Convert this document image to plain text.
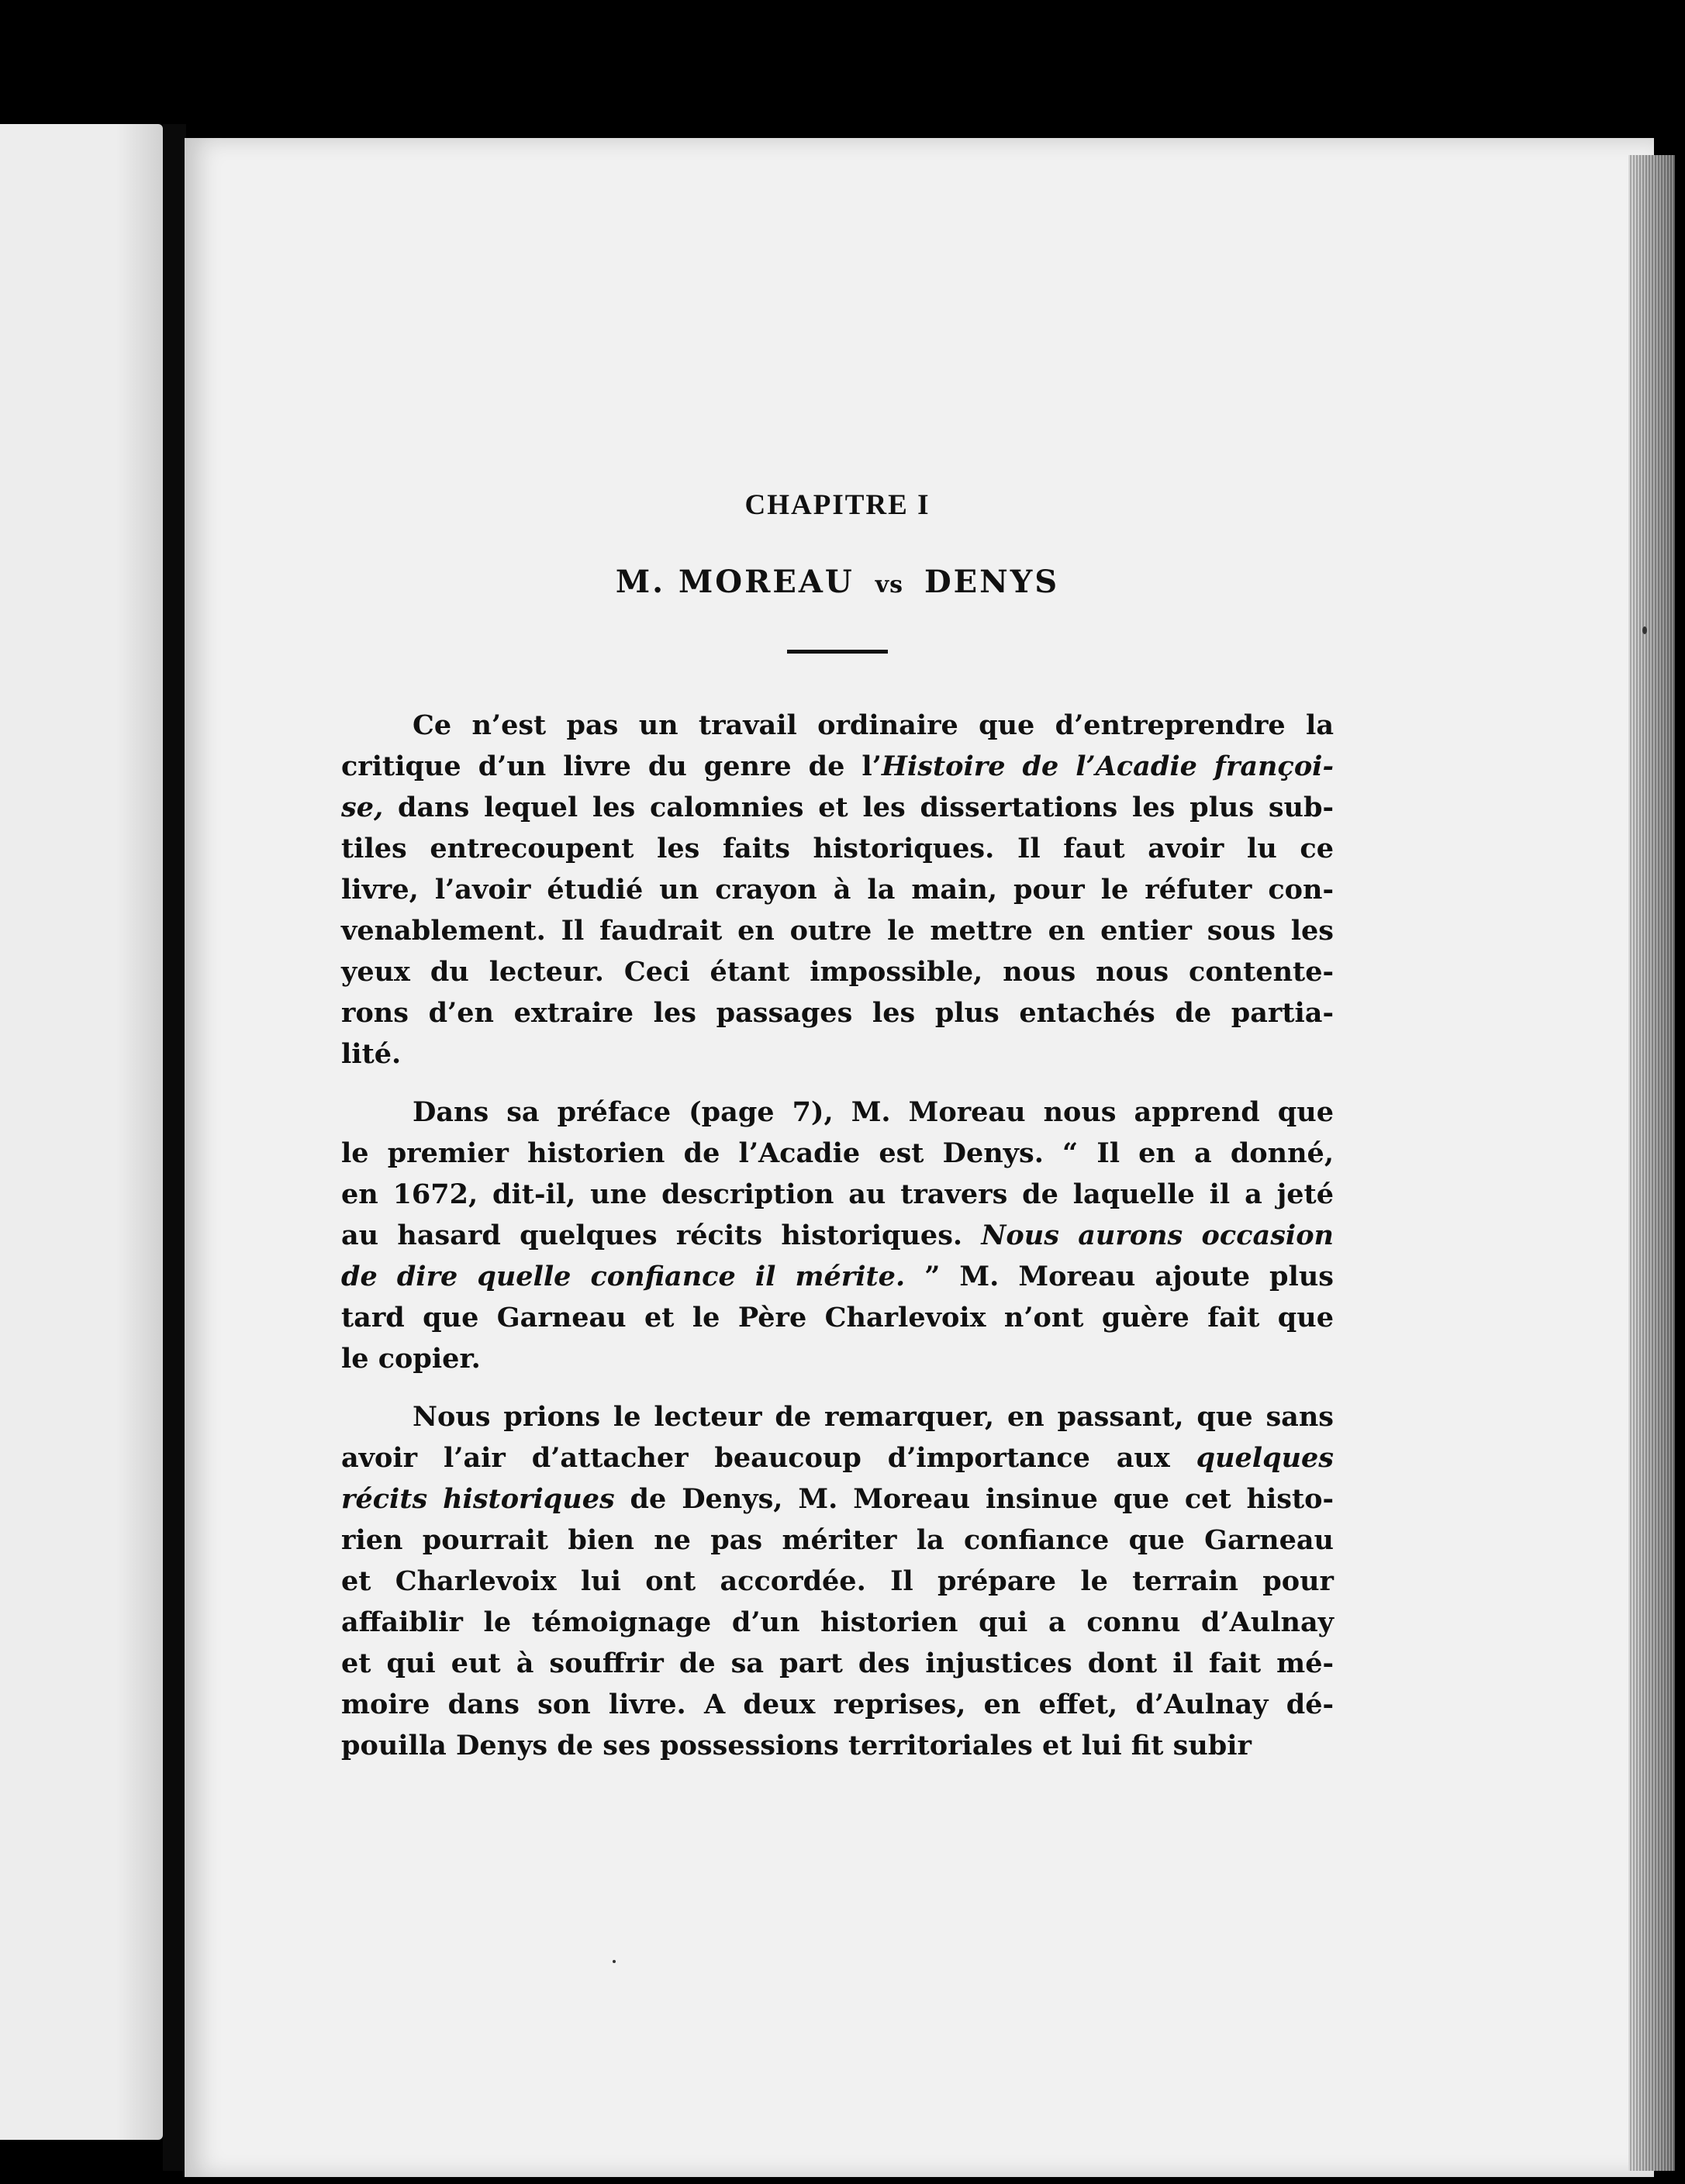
CHAPITRE I
M. MOREAU vs DENYS
Ce n’est pas un travail ordinaire que d’entreprendre la
critique d’un livre du genre de l’Histoire de l’Acadie françoi-
se, dans lequel les calomnies et les dissertations les plus sub-
tiles entrecoupent les faits historiques. Il faut avoir lu ce
livre, l’avoir étudié un crayon à la main, pour le réfuter con-
venablement. Il faudrait en outre le mettre en entier sous les
yeux du lecteur. Ceci étant impossible, nous nous contente-
rons d’en extraire les passages les plus entachés de partia-
lité.
Dans sa préface (page 7), M. Moreau nous apprend que
le premier historien de l’Acadie est Denys. “ Il en a donné,
en 1672, dit-il, une description au travers de laquelle il a jeté
au hasard quelques récits historiques. Nous aurons occasion
de dire quelle confiance il mérite. ” M. Moreau ajoute plus
tard que Garneau et le Père Charlevoix n’ont guère fait que
le copier.
Nous prions le lecteur de remarquer, en passant, que sans
avoir l’air d’attacher beaucoup d’importance aux quelques
récits historiques de Denys, M. Moreau insinue que cet histo-
rien pourrait bien ne pas mériter la confiance que Garneau
et Charlevoix lui ont accordée. Il prépare le terrain pour
affaiblir le témoignage d’un historien qui a connu d’Aulnay
et qui eut à souffrir de sa part des injustices dont il fait mé-
moire dans son livre. A deux reprises, en effet, d’Aulnay dé-
pouilla Denys de ses possessions territoriales et lui fit subir
